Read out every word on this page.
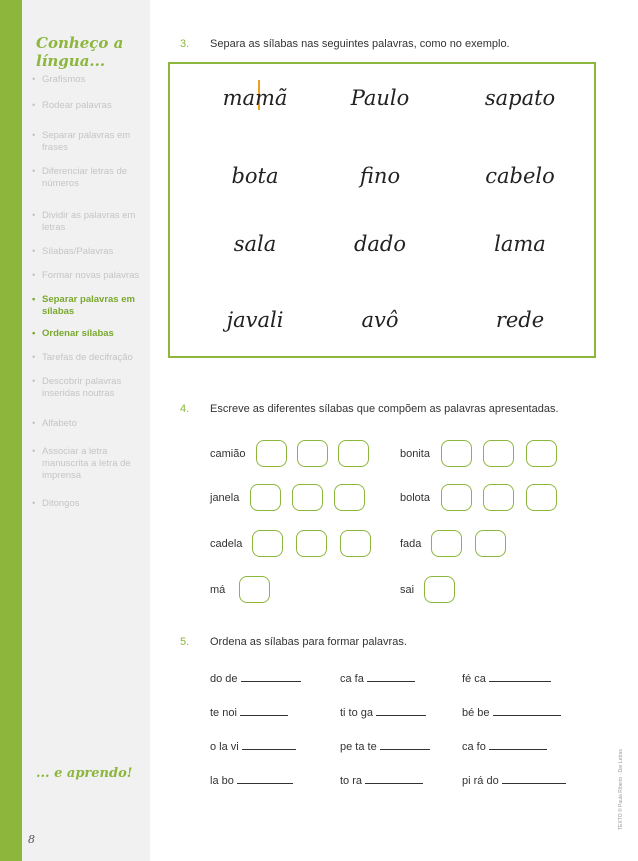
Conheço a língua...
• Grafismos
• Rodear palavras
• Separar palavras em frases
• Diferenciar letras de números
• Dividir as palavras em letras
• Sílabas/Palavras
• Formar novas palavras
• Separar palavras em sílabas
• Ordenar sílabas
• Tarefas de decifração
• Descobrir palavras inseridas noutras
• Alfabeto
• Associar a letra manuscrita a letra de imprensa
• Ditongos
... e aprendo!
8
3. Separa as sílabas nas seguintes palavras, como no exemplo.
mamã	Paulo	sapato
bota	fino	cabelo
sala	dado	lama
javali	avô	rede
4. Escreve as diferentes sílabas que compõem as palavras apresentadas.
camião	bonita
janela	bolota
cadela	fada
má	sai
5. Ordena as sílabas para formar palavras.
do de	ca fa	fé ca
te noi	ti to ga	bé be
o la vi	pe ta te	ca fo
la bo	to ra	pi rá do	TEXTO © Paula Ribeiro · Dar Letras
